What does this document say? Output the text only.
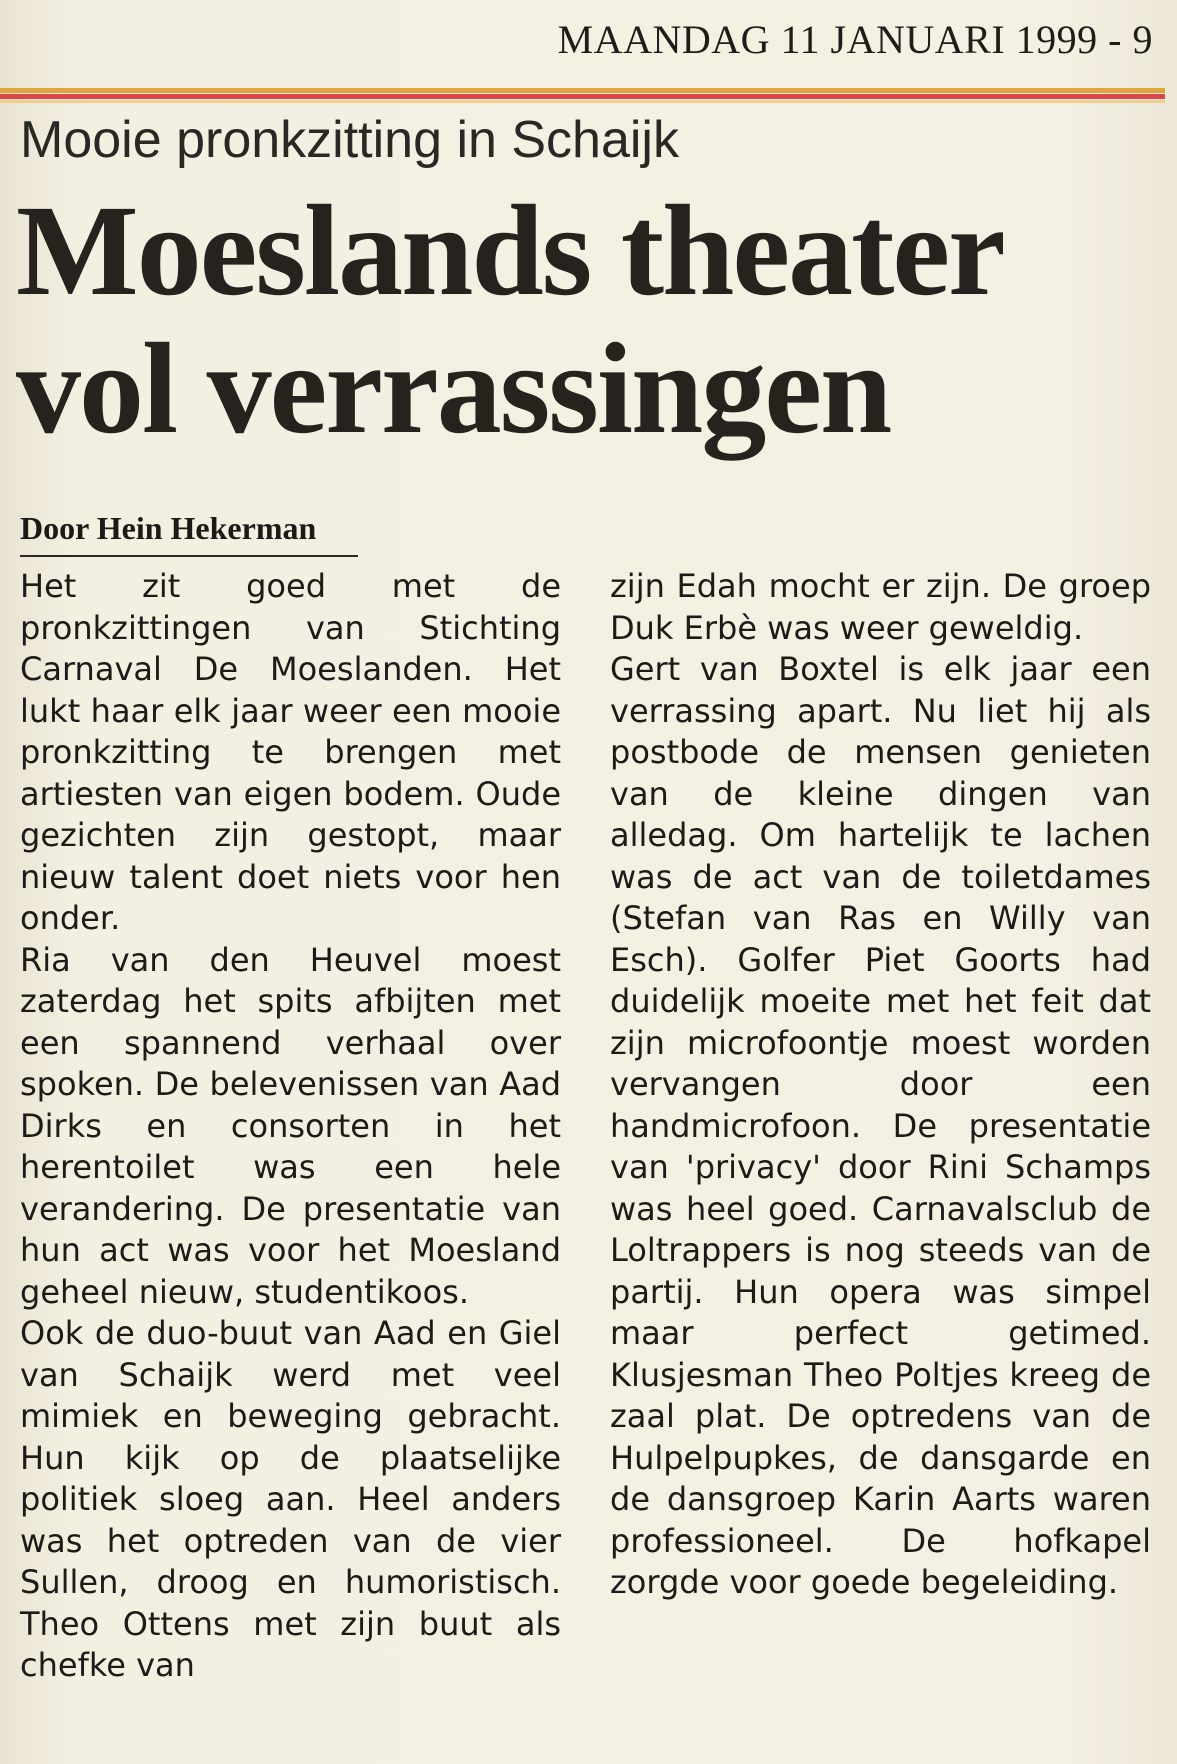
MAANDAG 11 JANUARI 1999 - 9
Mooie pronkzitting in Schaijk
Moeslands theater
vol verrassingen
Door Hein Hekerman

Het zit goed met de pronkzittingen van Stichting Carnaval De Moeslanden. Het lukt haar elk jaar weer een mooie pronkzitting te brengen met artiesten van eigen bodem. Oude gezichten zijn gestopt, maar nieuw talent doet niets voor hen onder.

Ria van den Heuvel moest zaterdag het spits afbijten met een spannend verhaal over spoken. De belevenissen van Aad Dirks en consorten in het herentoilet was een hele verandering. De presentatie van hun act was voor het Moesland geheel nieuw, studentikoos.

Ook de duo-buut van Aad en Giel van Schaijk werd met veel mimiek en beweging gebracht. Hun kijk op de plaatselijke politiek sloeg aan. Heel anders was het optreden van de vier Sullen, droog en humoristisch. Theo Ottens met zijn buut als chefke van

zijn Edah mocht er zijn. De groep Duk Erbè was weer geweldig.

Gert van Boxtel is elk jaar een verrassing apart. Nu liet hij als postbode de mensen genieten van de kleine dingen van alledag. Om hartelijk te lachen was de act van de toiletdames (Stefan van Ras en Willy van Esch). Golfer Piet Goorts had duidelijk moeite met het feit dat zijn microfoontje moest worden vervangen door een handmicrofoon. De presentatie van 'privacy' door Rini Schamps was heel goed. Carnavalsclub de Loltrappers is nog steeds van de partij. Hun opera was simpel maar perfect getimed. Klusjesman Theo Poltjes kreeg de zaal plat. De optredens van de Hulpelpupkes, de dansgarde en de dansgroep Karin Aarts waren professioneel. De hofkapel zorgde voor goede begeleiding.
